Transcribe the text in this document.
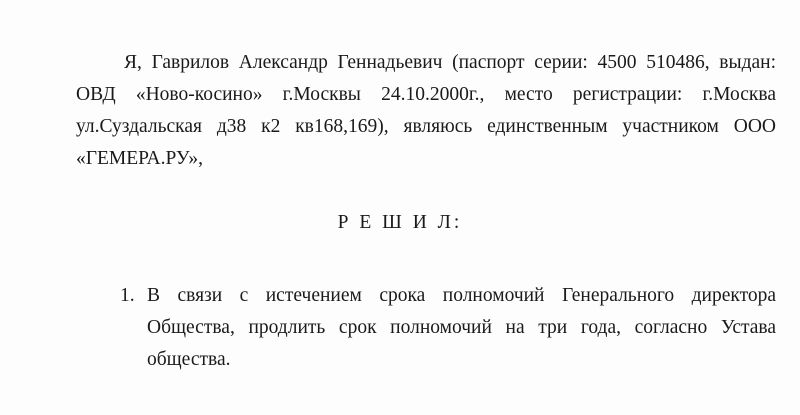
Я, Гаврилов Александр Геннадьевич (паспорт серии: 4500 510486, выдан:
ОВД «Ново-косино» г.Москвы 24.10.2000г., место регистрации: г.Москва
ул.Суздальская д38 к2 кв168,169), являюсь единственным участником ООО
«ГЕМЕРА.РУ»,
Р Е Ш И Л:
1. В связи с истечением срока полномочий Генерального директора
Общества, продлить срок полномочий на три года, согласно Устава
общества.
